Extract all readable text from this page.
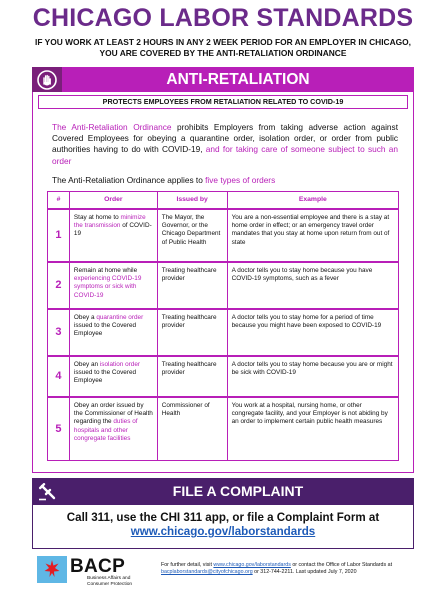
CHICAGO LABOR STANDARDS
IF YOU WORK AT LEAST 2 HOURS IN ANY 2 WEEK PERIOD FOR AN EMPLOYER IN CHICAGO,
YOU ARE COVERED BY THE ANTI-RETALIATION ORDINANCE
ANTI-RETALIATION
PROTECTS EMPLOYEES FROM RETALIATION RELATED TO COVID-19
The Anti-Retaliation Ordinance prohibits Employers from taking adverse action against Covered Employees for obeying a quarantine order, isolation order, or order from public authorities having to do with COVID-19, and for taking care of someone subject to such an order
The Anti-Retaliation Ordinance applies to five types of orders
#	Order	Issued by	Example
1	Stay at home to minimize the transmission of COVID-19	The Mayor, the Governor, or the Chicago Department of Public Health	You are a non-essential employee and there is a stay at home order in effect; or an emergency travel order mandates that you stay at home upon return from out of state
2	Remain at home while experiencing COVID-19 symptoms or sick with COVID-19	Treating healthcare provider	A doctor tells you to stay home because you have COVID-19 symptoms, such as a fever
3	Obey a quarantine order issued to the Covered Employee	Treating healthcare provider	A doctor tells you to stay home for a period of time because you might have been exposed to COVID-19
4	Obey an isolation order issued to the Covered Employee	Treating healthcare provider	A doctor tells you to stay home because you are or might be sick with COVID-19
5	Obey an order issued by the Commissioner of Health regarding the duties of hospitals and other congregate facilities	Commissioner of Health	You work at a hospital, nursing home, or other congregate facility, and your Employer is not abiding by an order to implement certain public health measures
FILE A COMPLAINT
Call 311, use the CHI 311 app, or file a Complaint Form at
www.chicago.gov/laborstandards
BACP
Business Affairs and
Consumer Protection
For further detail, visit www.chicago.gov/laborstandards or contact the Office of Labor Standards at
bacplaborstandards@cityofchicago.org or 312-744-2211. Last updated July 7, 2020
